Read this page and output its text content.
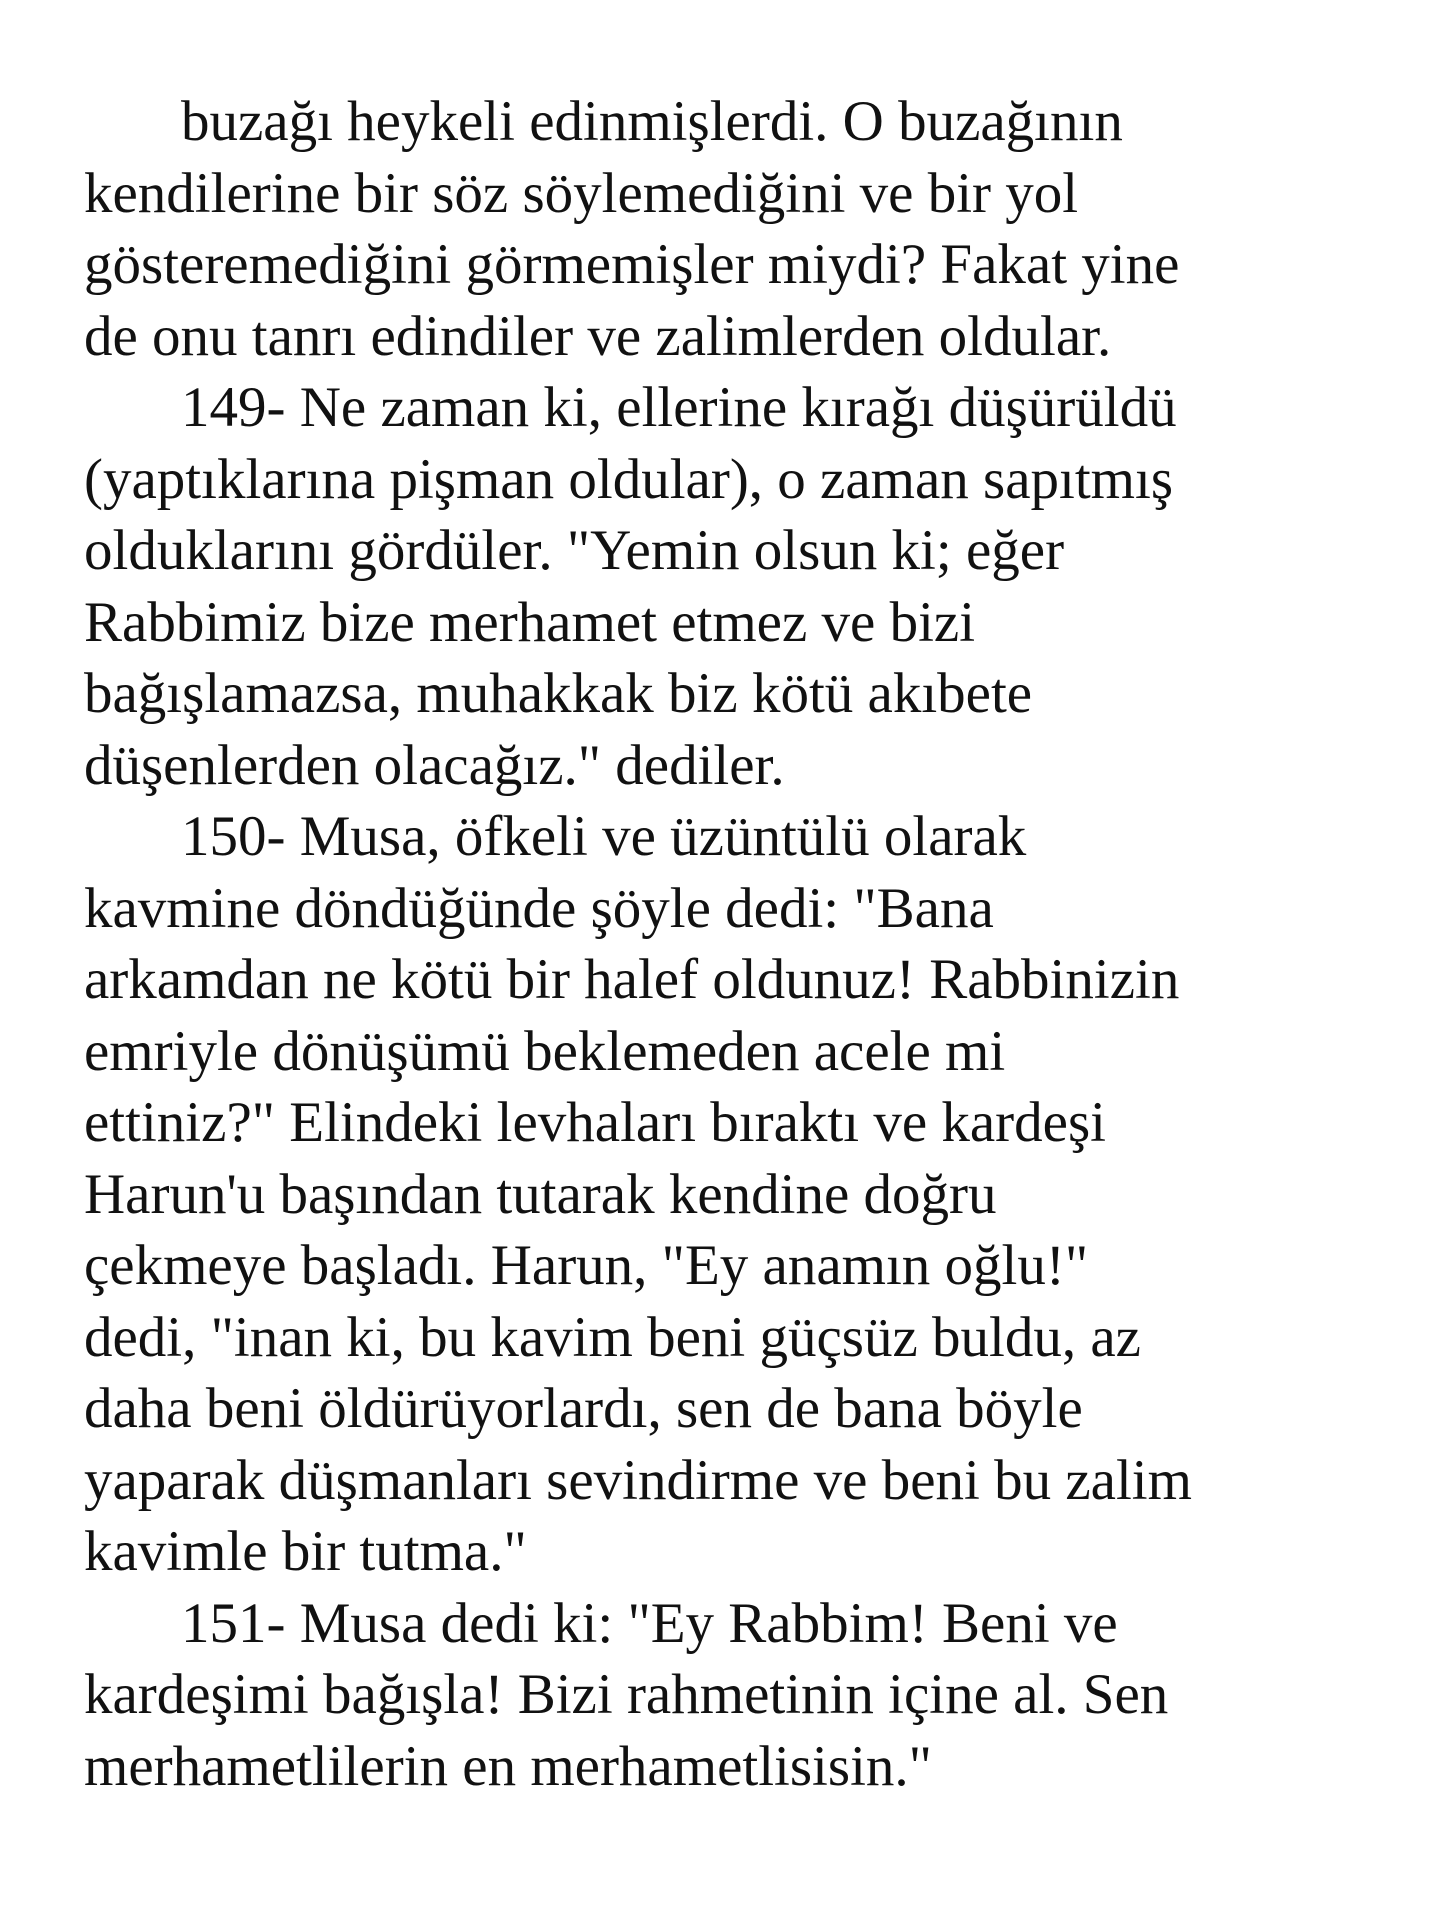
buzağı heykeli edinmişlerdi. O buzağının
kendilerine bir söz söylemediğini ve bir yol
gösteremediğini görmemişler miydi? Fakat yine
de onu tanrı edindiler ve zalimlerden oldular.
149- Ne zaman ki, ellerine kırağı düşürüldü
(yaptıklarına pişman oldular), o zaman sapıtmış
olduklarını gördüler. "Yemin olsun ki; eğer
Rabbimiz bize merhamet etmez ve bizi
bağışlamazsa, muhakkak biz kötü akıbete
düşenlerden olacağız." dediler.
150- Musa, öfkeli ve üzüntülü olarak
kavmine döndüğünde şöyle dedi: "Bana
arkamdan ne kötü bir halef oldunuz! Rabbinizin
emriyle dönüşümü beklemeden acele mi
ettiniz?" Elindeki levhaları bıraktı ve kardeşi
Harun'u başından tutarak kendine doğru
çekmeye başladı. Harun, "Ey anamın oğlu!"
dedi, "inan ki, bu kavim beni güçsüz buldu, az
daha beni öldürüyorlardı, sen de bana böyle
yaparak düşmanları sevindirme ve beni bu zalim
kavimle bir tutma."
151- Musa dedi ki: "Ey Rabbim! Beni ve
kardeşimi bağışla! Bizi rahmetinin içine al. Sen
merhametlilerin en merhametlisisin."
